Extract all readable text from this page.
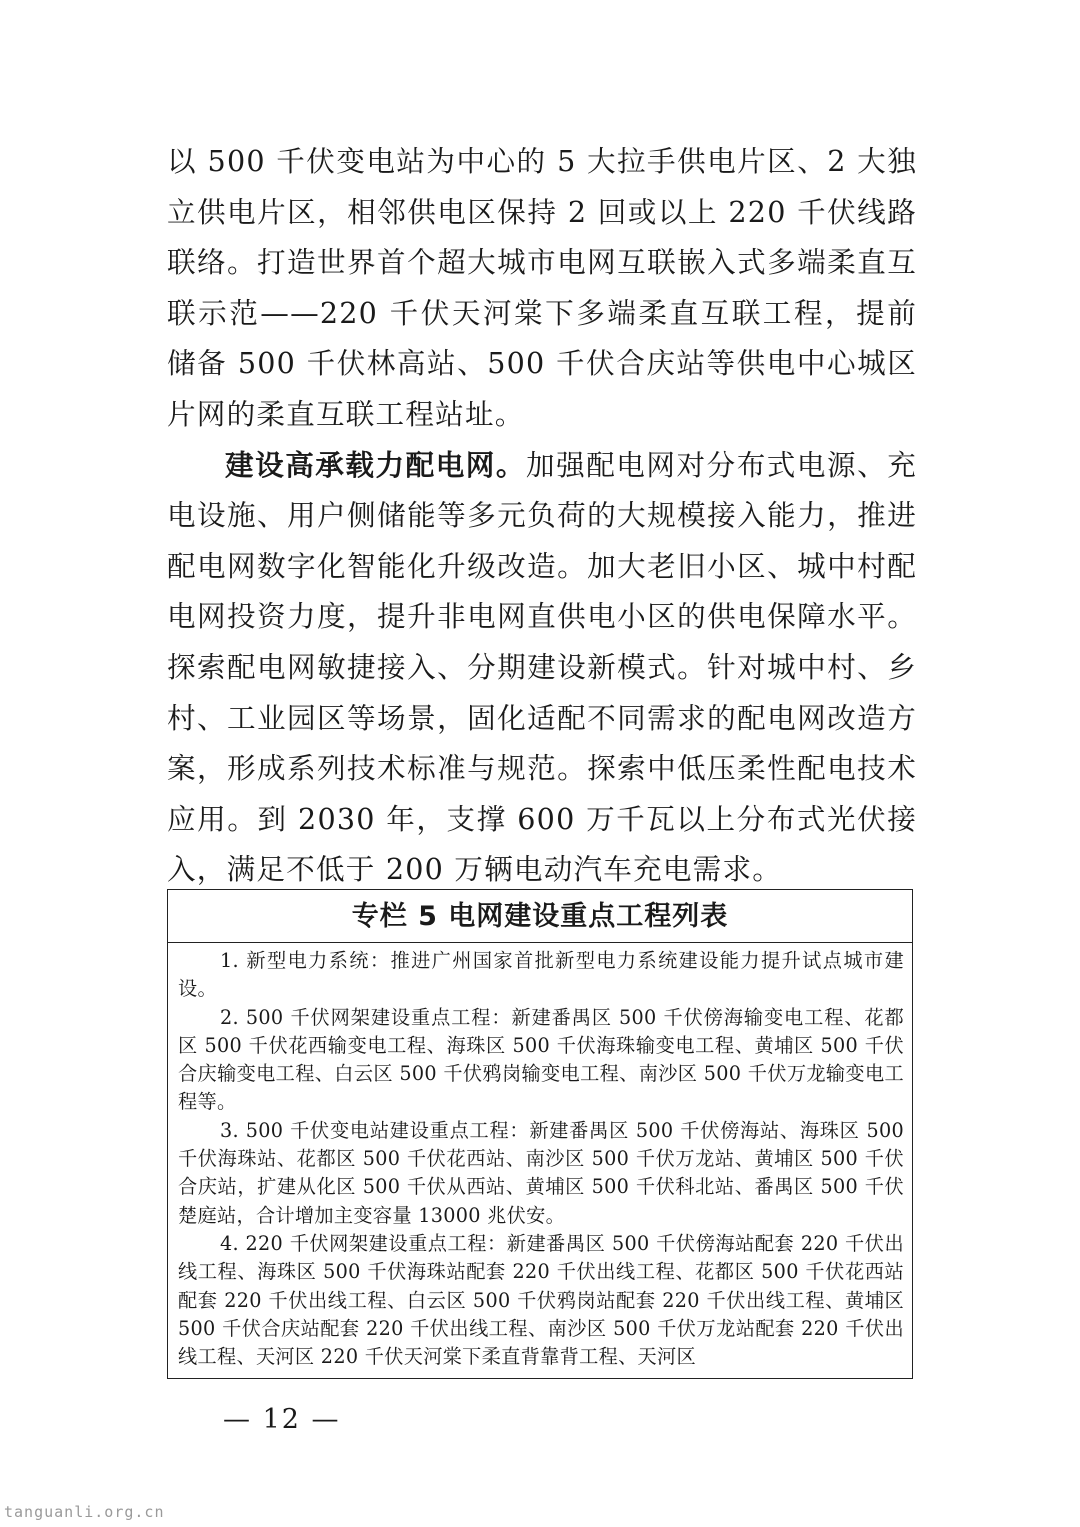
以 500 千伏变电站为中心的 5 大拉手供电片区、2 大独立供电片区，相邻供电区保持 2 回或以上 220 千伏线路联络。打造世界首个超大城市电网互联嵌入式多端柔直互联示范——220 千伏天河棠下多端柔直互联工程，提前储备 500 千伏林高站、500 千伏合庆站等供电中心城区片网的柔直互联工程站址。

建设高承载力配电网。加强配电网对分布式电源、充电设施、用户侧储能等多元负荷的大规模接入能力，推进配电网数字化智能化升级改造。加大老旧小区、城中村配电网投资力度，提升非电网直供电小区的供电保障水平。探索配电网敏捷接入、分期建设新模式。针对城中村、乡村、工业园区等场景，固化适配不同需求的配电网改造方案，形成系列技术标准与规范。探索中低压柔性配电技术应用。到 2030 年，支撑 600 万千瓦以上分布式光伏接入，满足不低于 200 万辆电动汽车充电需求。

专栏 5 电网建设重点工程列表

1. 新型电力系统：推进广州国家首批新型电力系统建设能力提升试点城市建设。

2. 500 千伏网架建设重点工程：新建番禺区 500 千伏傍海输变电工程、花都区 500 千伏花西输变电工程、海珠区 500 千伏海珠输变电工程、黄埔区 500 千伏合庆输变电工程、白云区 500 千伏鸦岗输变电工程、南沙区 500 千伏万龙输变电工程等。

3. 500 千伏变电站建设重点工程：新建番禺区 500 千伏傍海站、海珠区 500 千伏海珠站、花都区 500 千伏花西站、南沙区 500 千伏万龙站、黄埔区 500 千伏合庆站，扩建从化区 500 千伏从西站、黄埔区 500 千伏科北站、番禺区 500 千伏楚庭站，合计增加主变容量 13000 兆伏安。

4. 220 千伏网架建设重点工程：新建番禺区 500 千伏傍海站配套 220 千伏出线工程、海珠区 500 千伏海珠站配套 220 千伏出线工程、花都区 500 千伏花西站配套 220 千伏出线工程、白云区 500 千伏鸦岗站配套 220 千伏出线工程、黄埔区 500 千伏合庆站配套 220 千伏出线工程、南沙区 500 千伏万龙站配套 220 千伏出线工程、天河区 220 千伏天河棠下柔直背靠背工程、天河区

— 12 —
tanguanli.org.cn
